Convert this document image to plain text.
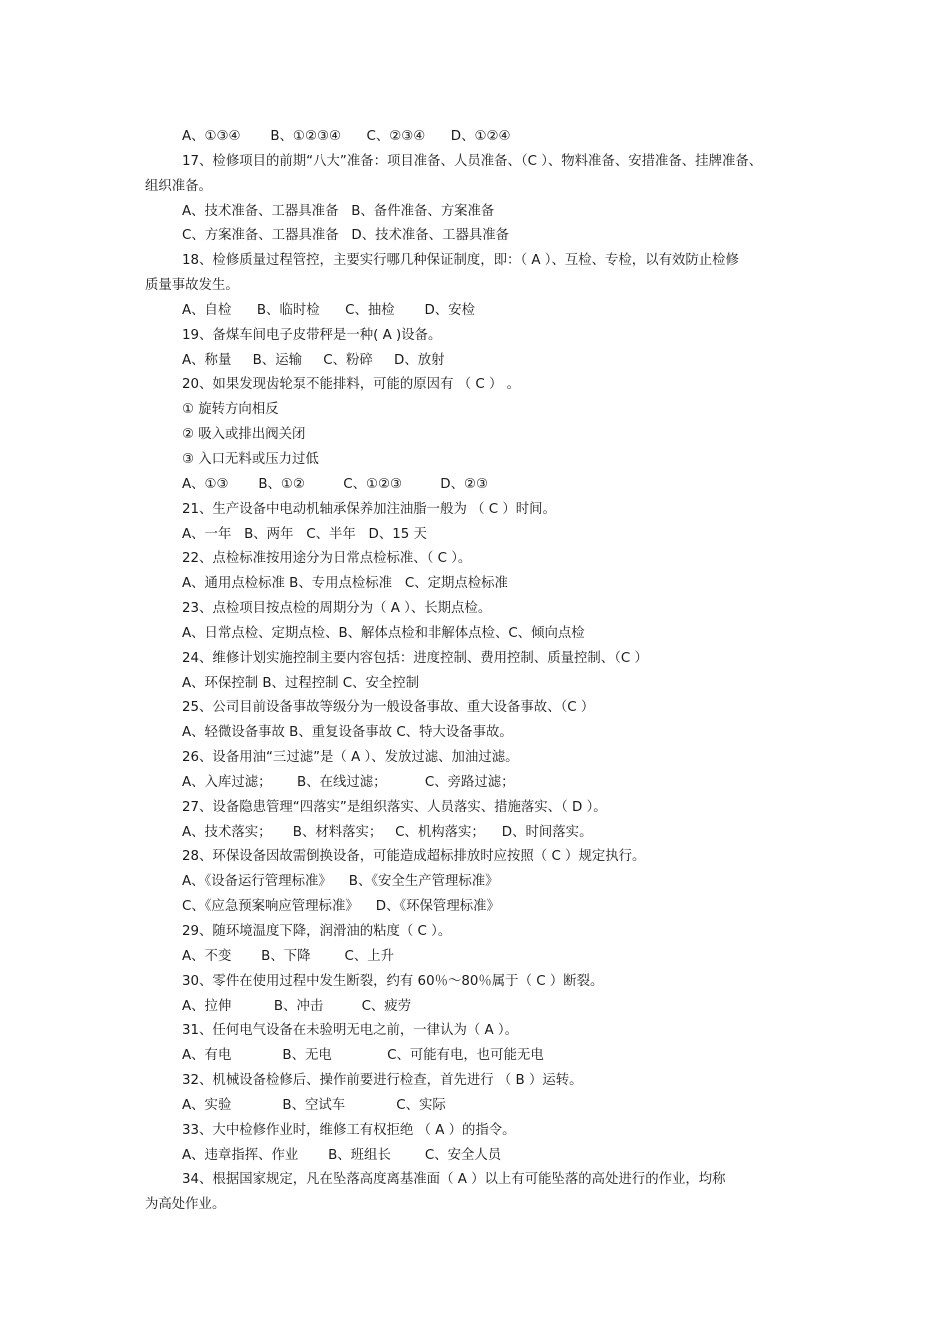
A、①③④       B、①②③④      C、②③④      D、①②④
17、检修项目的前期“八大”准备：项目准备、人员准备、（C ）、物料准备、安措准备、挂牌准备、
组织准备。
A、技术准备、工器具准备   B、备件准备、方案准备
C、方案准备、工器具准备   D、技术准备、工器具准备
18、检修质量过程管控，主要实行哪几种保证制度，即：（ A ）、互检、专检，以有效防止检修
质量事故发生。
A、自检      B、临时检      C、抽检       D、安检
19、备煤车间电子皮带秤是一种( A )设备。
A、称量     B、运输     C、粉碎     D、放射
20、如果发现齿轮泵不能排料，可能的原因有 （ C ） 。
① 旋转方向相反
② 吸入或排出阀关闭
③ 入口无料或压力过低
A、①③       B、①②         C、①②③         D、②③
21、生产设备中电动机轴承保养加注油脂一般为 （ C ）时间。
A、一年   B、两年   C、半年   D、15 天
22、点检标准按用途分为日常点检标准、（ C ）。
A、通用点检标准 B、专用点检标准   C、定期点检标准
23、点检项目按点检的周期分为（ A ）、长期点检。
A、日常点检、定期点检、B、解体点检和非解体点检、C、倾向点检
24、维修计划实施控制主要内容包括：进度控制、费用控制、质量控制、（C ）
A、环保控制 B、过程控制 C、安全控制
25、公司目前设备事故等级分为一般设备事故、重大设备事故、（C ）
A、轻微设备事故 B、重复设备事故 C、特大设备事故。
26、设备用油“三过滤”是（ A ）、发放过滤、加油过滤。
A、入库过滤；      B、在线过滤；         C、旁路过滤；
27、设备隐患管理“四落实”是组织落实、人员落实、措施落实、（ D ）。
A、技术落实；     B、材料落实；   C、机构落实；    D、时间落实。
28、环保设备因故需倒换设备，可能造成超标排放时应按照（ C ）规定执行。
A、《设备运行管理标准》    B、《安全生产管理标准》
C、《应急预案响应管理标准》    D、《环保管理标准》
29、随环境温度下降，润滑油的粘度（ C ）。
A、不变       B、下降        C、上升
30、零件在使用过程中发生断裂，约有 60％～80％属于（ C ）断裂。
A、拉伸          B、冲击         C、疲劳
31、任何电气设备在未验明无电之前，一律认为（ A ）。
A、有电            B、无电             C、可能有电，也可能无电
32、机械设备检修后、操作前要进行检查，首先进行 （ B ）运转。
A、实验            B、空试车            C、实际
33、大中检修作业时，维修工有权拒绝 （ A ）的指令。
A、违章指挥、作业       B、班组长        C、安全人员
34、根据国家规定，凡在坠落高度离基准面（ A ）以上有可能坠落的高处进行的作业，均称
为高处作业。
